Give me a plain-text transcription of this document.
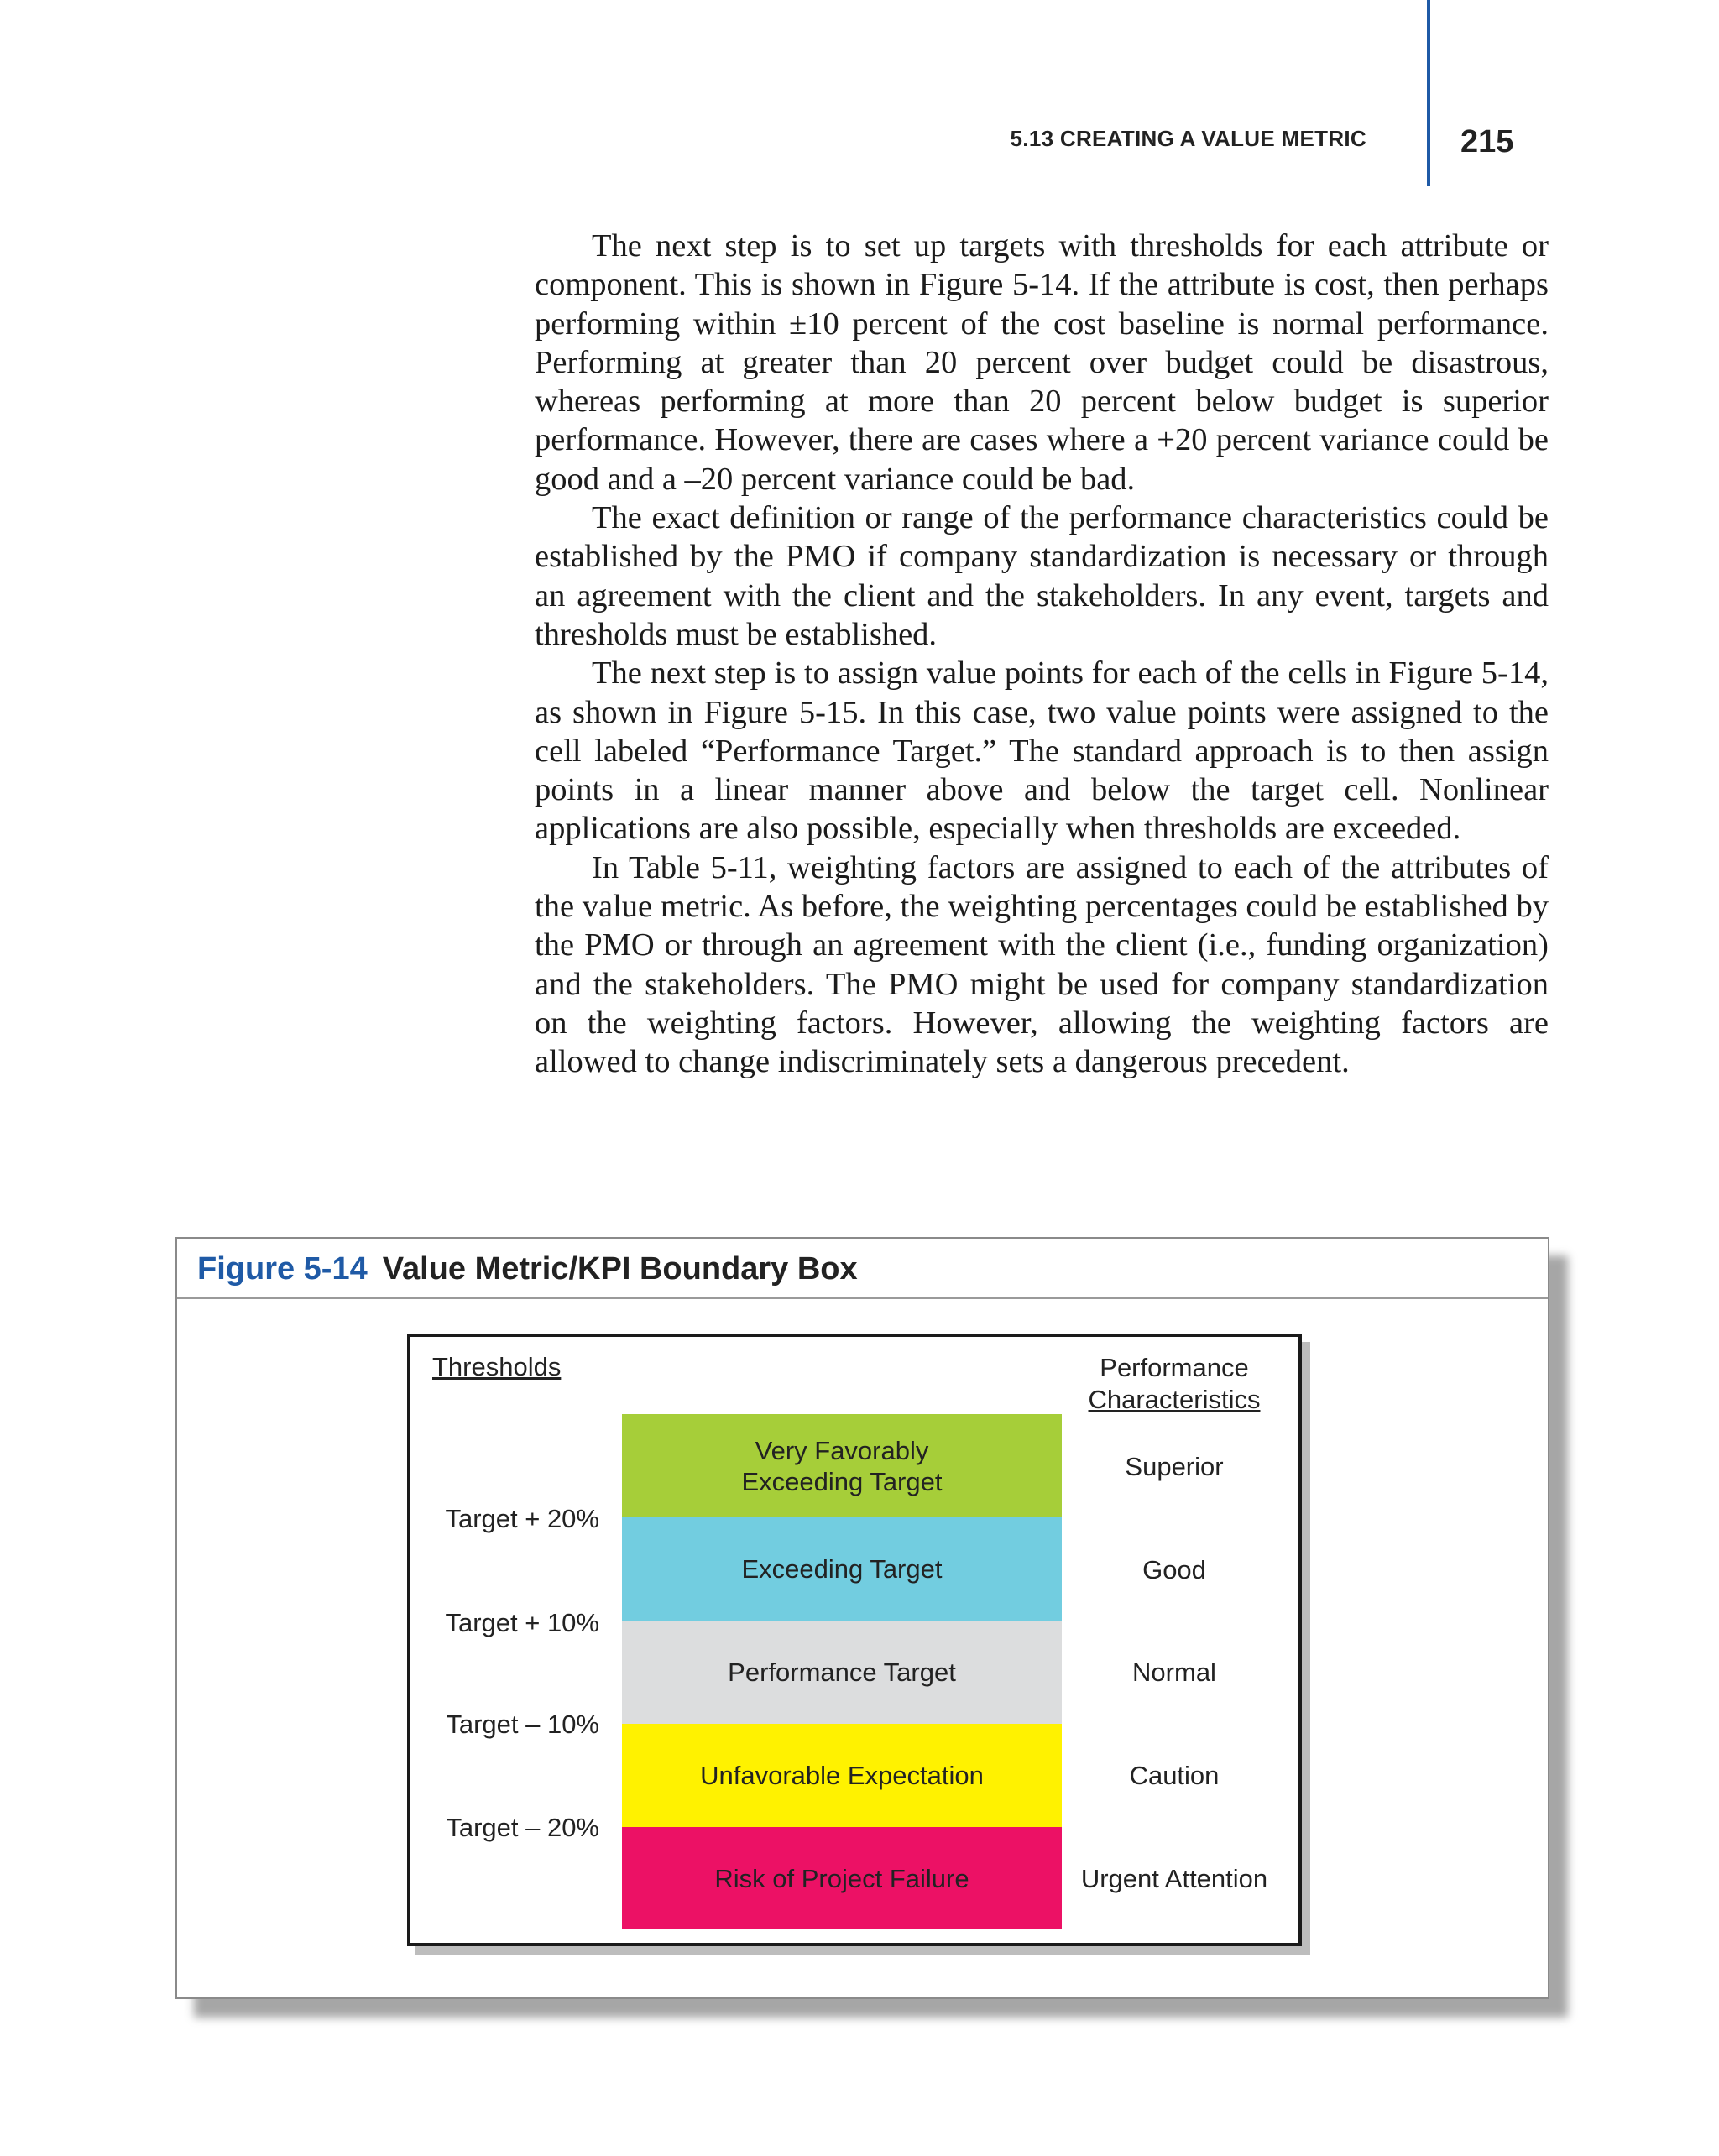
5.13 CREATING A VALUE METRIC	215

The next step is to set up targets with thresholds for each attribute or component. This is shown in Figure 5-14. If the attribute is cost, then perhaps performing within ±10 percent of the cost baseline is normal performance. Performing at greater than 20 percent over budget could be disastrous, whereas performing at more than 20 percent below budget is superior performance. However, there are cases where a +20 percent variance could be good and a –20 percent variance could be bad.

The exact definition or range of the performance characteristics could be established by the PMO if company standardization is necessary or through an agreement with the client and the stakeholders. In any event, targets and thresholds must be established.

The next step is to assign value points for each of the cells in Figure 5-14, as shown in Figure 5-15. In this case, two value points were assigned to the cell labeled “Performance Target.” The standard approach is to then assign points in a linear manner above and below the target cell. Nonlinear applications are also possible, especially when thresholds are exceeded.

In Table 5-11, weighting factors are assigned to each of the attributes of the value metric. As before, the weighting percentages could be established by the PMO or through an agreement with the client (i.e., funding organization) and the stakeholders. The PMO might be used for company standardization on the weighting factors. However, allowing the weighting factors are allowed to change indiscriminately sets a dangerous precedent.

Figure 5-14 Value Metric/KPI Boundary Box
Thresholds	Performance
Characteristics
Target + 20%
Target + 10%
Target – 10%
Target – 20%
Very Favorably
Exceeding Target
Exceeding Target
Performance Target
Unfavorable Expectation
Risk of Project Failure
Superior
Good
Normal
Caution
Urgent Attention
